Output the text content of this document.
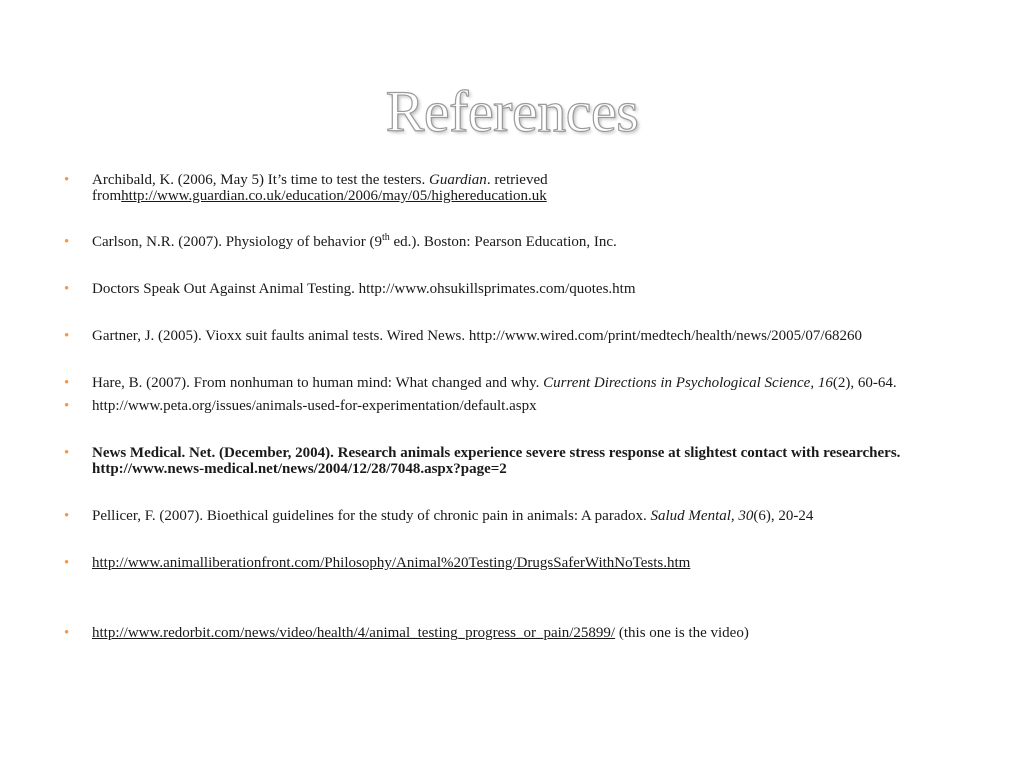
References
• Archibald, K. (2006, May 5) It’s time to test the testers. Guardian. retrieved fromhttp://www.guardian.co.uk/education/2006/may/05/highereducation.uk
• Carlson, N.R. (2007). Physiology of behavior (9th ed.). Boston: Pearson Education, Inc.
• Doctors Speak Out Against Animal Testing. http://www.ohsukillsprimates.com/quotes.htm
• Gartner, J. (2005). Vioxx suit faults animal tests. Wired News. http://www.wired.com/print/medtech/health/news/2005/07/68260
• Hare, B. (2007). From nonhuman to human mind: What changed and why. Current Directions in Psychological Science, 16(2), 60-64.
• http://www.peta.org/issues/animals-used-for-experimentation/default.aspx
• News Medical. Net. (December, 2004). Research animals experience severe stress response at slightest contact with researchers. http://www.news-medical.net/news/2004/12/28/7048.aspx?page=2
• Pellicer, F. (2007). Bioethical guidelines for the study of chronic pain in animals: A paradox. Salud Mental, 30(6), 20-24
• http://www.animalliberationfront.com/Philosophy/Animal%20Testing/DrugsSaferWithNoTests.htm
• http://www.redorbit.com/news/video/health/4/animal_testing_progress_or_pain/25899/ (this one is the video)
